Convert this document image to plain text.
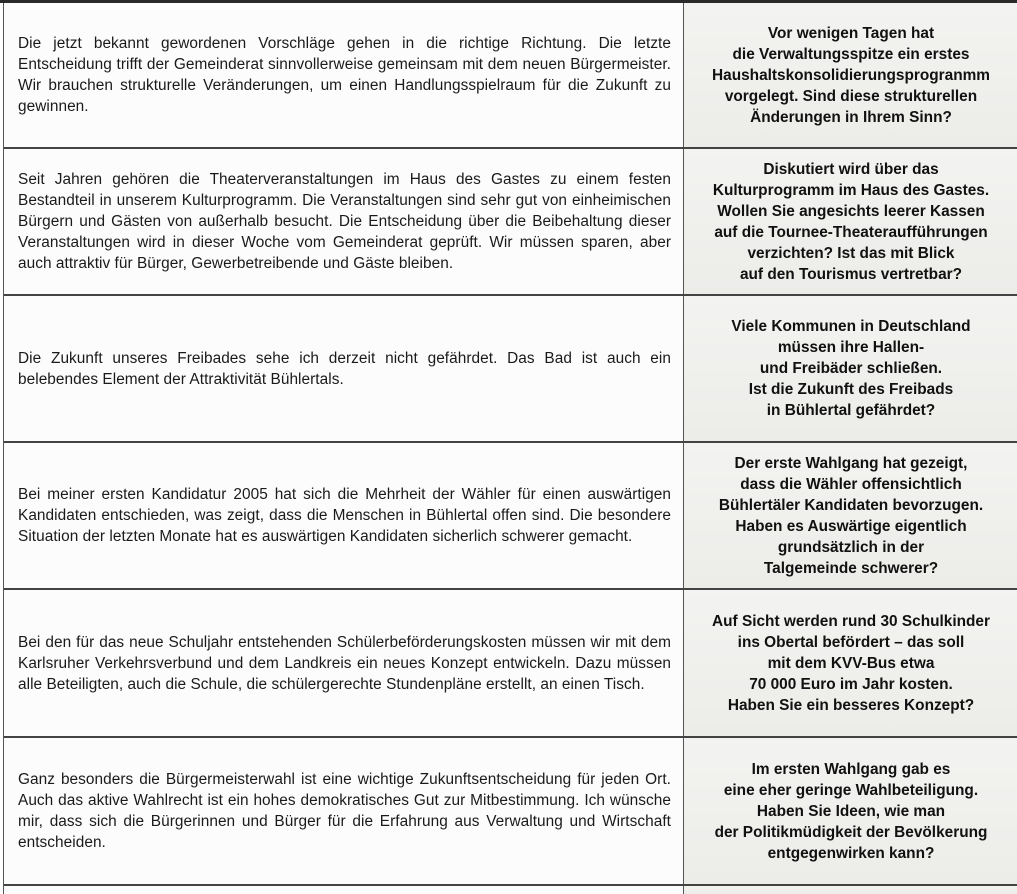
Die jetzt bekannt gewordenen Vorschläge gehen in die richtige Richtung. Die letzte Entscheidung trifft der Gemeinderat sinnvollerweise gemeinsam mit dem neuen Bürgermeister. Wir brauchen strukturelle Veränderungen, um einen Handlungsspielraum für die Zukunft zu gewinnen.

Vor wenigen Tagen hat
die Verwaltungsspitze ein erstes
Haushaltskonsolidierungsprogranmm
vorgelegt. Sind diese strukturellen
Änderungen in Ihrem Sinn?

Seit Jahren gehören die Theaterveranstaltungen im Haus des Gastes zu einem festen Bestandteil in unserem Kulturprogramm. Die Veranstaltungen sind sehr gut von einheimischen Bürgern und Gästen von außerhalb besucht. Die Entscheidung über die Beibehaltung dieser Veranstaltungen wird in dieser Woche vom Gemeinderat geprüft. Wir müssen sparen, aber auch attraktiv für Bürger, Gewerbetreibende und Gäste bleiben.

Diskutiert wird über das
Kulturprogramm im Haus des Gastes.
Wollen Sie angesichts leerer Kassen
auf die Tournee-Theateraufführungen
verzichten? Ist das mit Blick
auf den Tourismus vertretbar?

Die Zukunft unseres Freibades sehe ich derzeit nicht gefährdet. Das Bad ist auch ein belebendes Element der Attraktivität Bühlertals.

Viele Kommunen in Deutschland
müssen ihre Hallen-
und Freibäder schließen.
Ist die Zukunft des Freibads
in Bühlertal gefährdet?

Bei meiner ersten Kandidatur 2005 hat sich die Mehrheit der Wähler für einen auswärtigen Kandidaten entschieden, was zeigt, dass die Menschen in Bühlertal offen sind. Die besondere Situation der letzten Monate hat es auswärtigen Kandidaten sicherlich schwerer gemacht.

Der erste Wahlgang hat gezeigt,
dass die Wähler offensichtlich
Bühlertäler Kandidaten bevorzugen.
Haben es Auswärtige eigentlich
grundsätzlich in der
Talgemeinde schwerer?

Bei den für das neue Schuljahr entstehenden Schülerbeförderungskosten müssen wir mit dem Karlsruher Verkehrsverbund und dem Landkreis ein neues Konzept entwickeln. Dazu müssen alle Beteiligten, auch die Schule, die schülergerechte Stundenpläne erstellt, an einen Tisch.

Auf Sicht werden rund 30 Schulkinder
ins Obertal befördert – das soll
mit dem KVV-Bus etwa
70 000 Euro im Jahr kosten.
Haben Sie ein besseres Konzept?

Ganz besonders die Bürgermeisterwahl ist eine wichtige Zukunftsentscheidung für jeden Ort. Auch das aktive Wahlrecht ist ein hohes demokratisches Gut zur Mitbestimmung. Ich wünsche mir, dass sich die Bürgerinnen und Bürger für die Erfahrung aus Verwaltung und Wirtschaft entscheiden.

Im ersten Wahlgang gab es
eine eher geringe Wahlbeteiligung.
Haben Sie Ideen, wie man
der Politikmüdigkeit der Bevölkerung
entgegenwirken kann?
